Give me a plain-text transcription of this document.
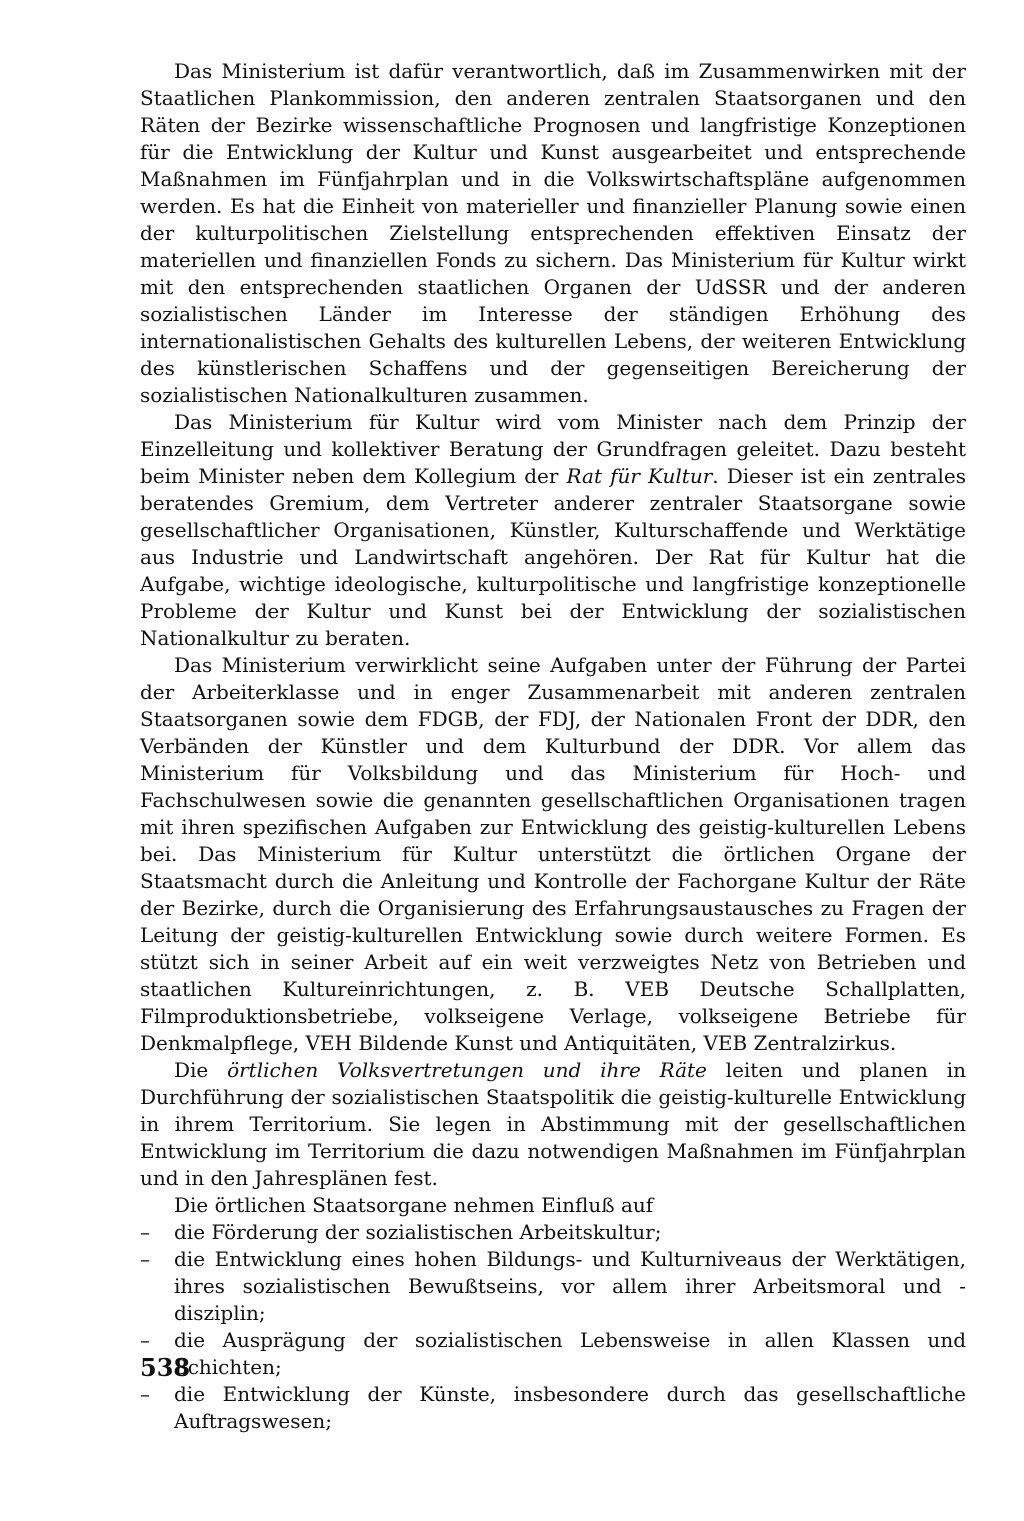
Das Ministerium ist dafür verantwortlich, daß im Zusammenwirken mit der Staatlichen Plankommission, den anderen zentralen Staatsorganen und den Räten der Bezirke wissenschaftliche Prognosen und langfristige Konzeptionen für die Entwicklung der Kultur und Kunst ausgearbeitet und entsprechende Maßnahmen im Fünfjahrplan und in die Volkswirtschaftspläne aufgenommen werden. Es hat die Einheit von materieller und finanzieller Planung sowie einen der kulturpolitischen Zielstellung entsprechenden effektiven Einsatz der materiellen und finanziellen Fonds zu sichern. Das Ministerium für Kultur wirkt mit den entsprechenden staatlichen Organen der UdSSR und der anderen sozialistischen Länder im Interesse der ständigen Erhöhung des internationalistischen Gehalts des kulturellen Lebens, der weiteren Entwicklung des künstlerischen Schaffens und der gegenseitigen Bereicherung der sozialistischen Nationalkulturen zusammen.

Das Ministerium für Kultur wird vom Minister nach dem Prinzip der Einzelleitung und kollektiver Beratung der Grundfragen geleitet. Dazu besteht beim Minister neben dem Kollegium der Rat für Kultur. Dieser ist ein zentrales beratendes Gremium, dem Vertreter anderer zentraler Staatsorgane sowie gesellschaftlicher Organisationen, Künstler, Kulturschaffende und Werktätige aus Industrie und Landwirtschaft angehören. Der Rat für Kultur hat die Aufgabe, wichtige ideologische, kulturpolitische und langfristige konzeptionelle Probleme der Kultur und Kunst bei der Entwicklung der sozialistischen Nationalkultur zu beraten.

Das Ministerium verwirklicht seine Aufgaben unter der Führung der Partei der Arbeiterklasse und in enger Zusammenarbeit mit anderen zentralen Staatsorganen sowie dem FDGB, der FDJ, der Nationalen Front der DDR, den Verbänden der Künstler und dem Kulturbund der DDR. Vor allem das Ministerium für Volksbildung und das Ministerium für Hoch- und Fachschulwesen sowie die genannten gesellschaftlichen Organisationen tragen mit ihren spezifischen Aufgaben zur Entwicklung des geistig-kulturellen Lebens bei. Das Ministerium für Kultur unterstützt die örtlichen Organe der Staatsmacht durch die Anleitung und Kontrolle der Fachorgane Kultur der Räte der Bezirke, durch die Organisierung des Erfahrungsaustausches zu Fragen der Leitung der geistig-kulturellen Entwicklung sowie durch weitere Formen. Es stützt sich in seiner Arbeit auf ein weit verzweigtes Netz von Betrieben und staatlichen Kultureinrichtungen, z. B. VEB Deutsche Schallplatten, Filmproduktionsbetriebe, volkseigene Verlage, volkseigene Betriebe für Denkmalpflege, VEH Bildende Kunst und Antiquitäten, VEB Zentralzirkus.

Die örtlichen Volksvertretungen und ihre Räte leiten und planen in Durchführung der sozialistischen Staatspolitik die geistig-kulturelle Entwicklung in ihrem Territorium. Sie legen in Abstimmung mit der gesellschaftlichen Entwicklung im Territorium die dazu notwendigen Maßnahmen im Fünfjahrplan und in den Jahresplänen fest.

Die örtlichen Staatsorgane nehmen Einfluß auf

– die Förderung der sozialistischen Arbeitskultur;
– die Entwicklung eines hohen Bildungs- und Kulturniveaus der Werktätigen, ihres sozialistischen Bewußtseins, vor allem ihrer Arbeitsmoral und -disziplin;
– die Ausprägung der sozialistischen Lebensweise in allen Klassen und Schichten;
– die Entwicklung der Künste, insbesondere durch das gesellschaftliche Auftragswesen;
538
